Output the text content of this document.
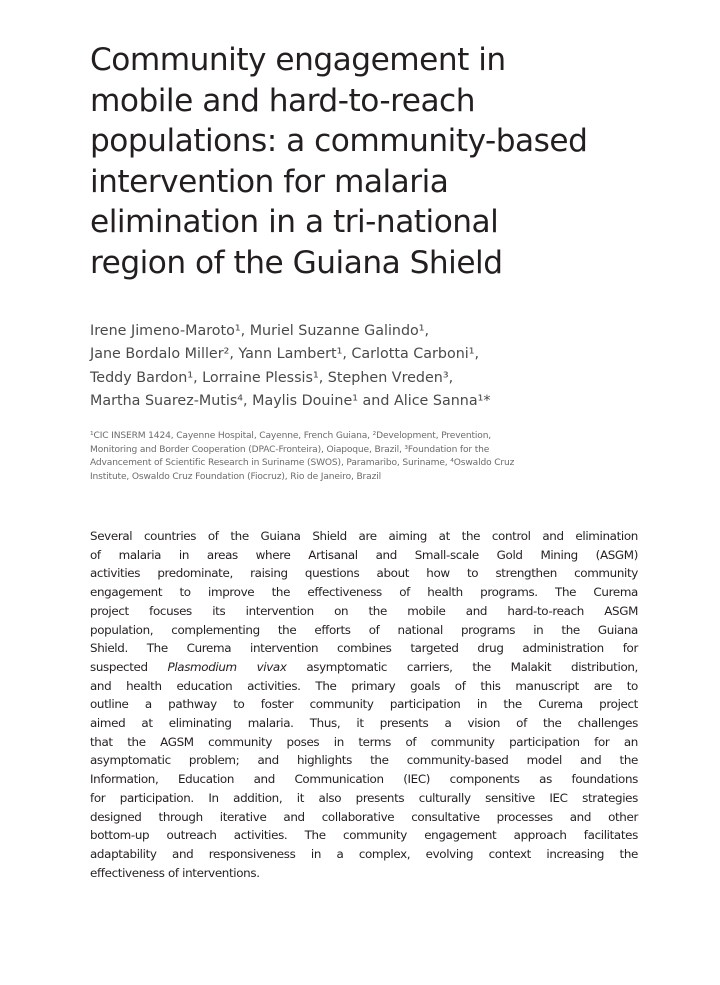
Community engagement in
mobile and hard-to-reach
populations: a community-based
intervention for malaria
elimination in a tri-national
region of the Guiana Shield
Irene Jimeno-Maroto¹, Muriel Suzanne Galindo¹,
Jane Bordalo Miller², Yann Lambert¹, Carlotta Carboni¹,
Teddy Bardon¹, Lorraine Plessis¹, Stephen Vreden³,
Martha Suarez-Mutis⁴, Maylis Douine¹ and Alice Sanna¹*
¹CIC INSERM 1424, Cayenne Hospital, Cayenne, French Guiana, ²Development, Prevention,
Monitoring and Border Cooperation (DPAC-Fronteira), Oiapoque, Brazil, ³Foundation for the
Advancement of Scientific Research in Suriname (SWOS), Paramaribo, Suriname, ⁴Oswaldo Cruz
Institute, Oswaldo Cruz Foundation (Fiocruz), Rio de Janeiro, Brazil
Several countries of the Guiana Shield are aiming at the control and elimination
of malaria in areas where Artisanal and Small-scale Gold Mining (ASGM)
activities predominate, raising questions about how to strengthen community
engagement to improve the effectiveness of health programs. The Curema
project focuses its intervention on the mobile and hard-to-reach ASGM
population, complementing the efforts of national programs in the Guiana
Shield. The Curema intervention combines targeted drug administration for
suspected Plasmodium vivax asymptomatic carriers, the Malakit distribution,
and health education activities. The primary goals of this manuscript are to
outline a pathway to foster community participation in the Curema project
aimed at eliminating malaria. Thus, it presents a vision of the challenges
that the AGSM community poses in terms of community participation for an
asymptomatic problem; and highlights the community-based model and the
Information, Education and Communication (IEC) components as foundations
for participation. In addition, it also presents culturally sensitive IEC strategies
designed through iterative and collaborative consultative processes and other
bottom-up outreach activities. The community engagement approach facilitates
adaptability and responsiveness in a complex, evolving context increasing the
effectiveness of interventions.
